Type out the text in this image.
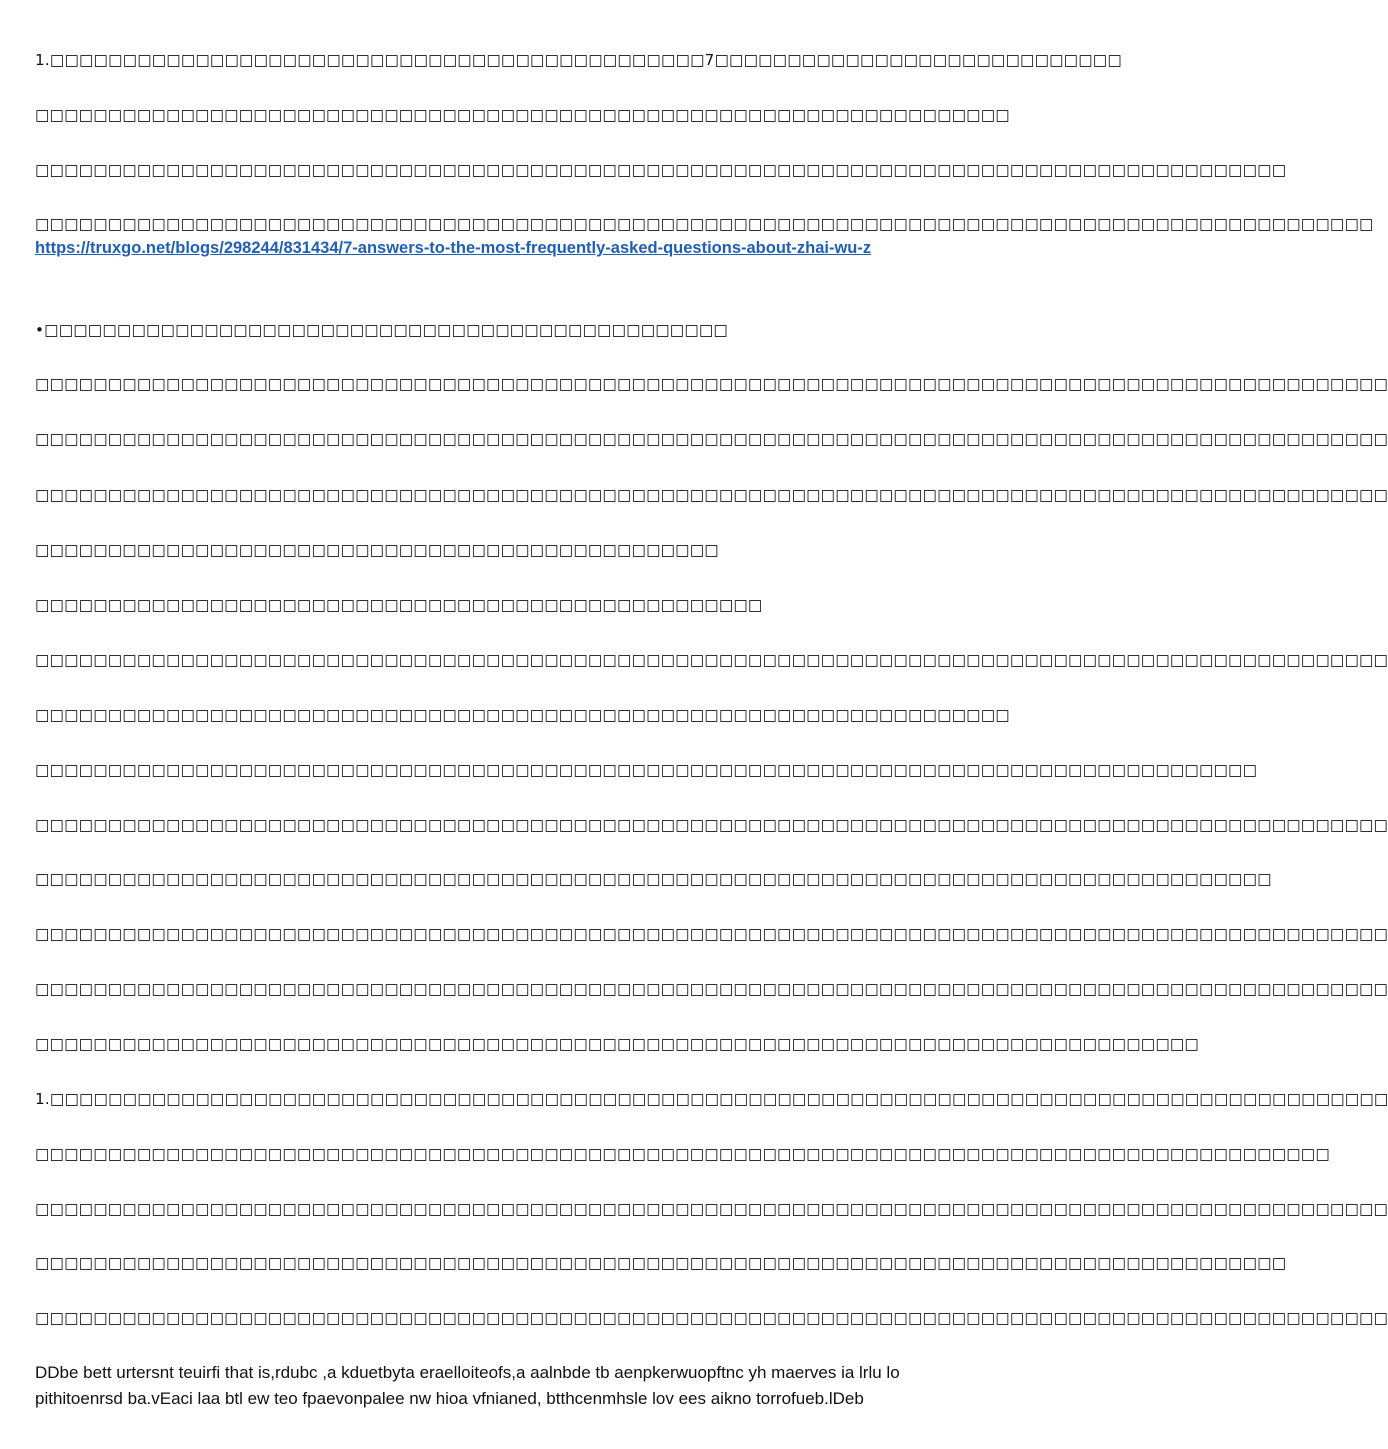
1.□□□□□□□□□□□□□□□□□□□□□□□□□□□□□□□□□□□□□□□□□□□□□7□□□□□□□□□□□□□□□□□□□□□□□□□□□□
□□□□□□□□□□□□□□□□□□□□□□□□□□□□□□□□□□□□□□□□□□□□□□□□□□□□□□□□□□□□□□□□□□□
□□□□□□□□□□□□□□□□□□□□□□□□□□□□□□□□□□□□□□□□□□□□□□□□□□□□□□□□□□□□□□□□□□□□□□□□□□□□□□□□□□□□□□
□□□□□□□□□□□□□□□□□□□□□□□□□□□□□□□□□□□□□□□□□□□□□□□□□□□□□□□□□□□□□□□□□□□□□□□□□□□□□□□□□□□□□□□□□□□□
https://truxgo.net/blogs/298244/831434/7-answers-to-the-most-frequently-asked-questions-about-zhai-wu-z
•□□□□□□□□□□□□□□□□□□□□□□□□□□□□□□□□□□□□□□□□□□□□□□□
□□□□□□□□□□□□□□□□□□□□□□□□□□□□□□□□□□□□□□□□□□□□□□□□□□□□□□□□□□□□□□□□□□□□□□□□□□□□□□□□□□□□□□□□□□□□□
□□□□□□□□□□□□□□□□□□□□□□□□□□□□□□□□□□□□□□□□□□□□□□□□□□□□□□□□□□□□□□□□□□□□□□□□□□□□□□□□□□□□□□□□□□□□□
□□□□□□□□□□□□□□□□□□□□□□□□□□□□□□□□□□□□□□□□□□□□□□□□□□□□□□□□□□□□□□□□□□□□□□□□□□□□□□□□□□□□□□□□□□□□□
□□□□□□□□□□□□□□□□□□□□□□□□□□□□□□□□□□□□□□□□□□□□□□□
□□□□□□□□□□□□□□□□□□□□□□□□□□□□□□□□□□□□□□□□□□□□□□□□□□
□□□□□□□□□□□□□□□□□□□□□□□□□□□□□□□□□□□□□□□□□□□□□□□□□□□□□□□□□□□□□□□□□□□□□□□□□□□□□□□□□□□□□□□□□□□□□
□□□□□□□□□□□□□□□□□□□□□□□□□□□□□□□□□□□□□□□□□□□□□□□□□□□□□□□□□□□□□□□□□□□
□□□□□□□□□□□□□□□□□□□□□□□□□□□□□□□□□□□□□□□□□□□□□□□□□□□□□□□□□□□□□□□□□□□□□□□□□□□□□□□□□□□□
□□□□□□□□□□□□□□□□□□□□□□□□□□□□□□□□□□□□□□□□□□□□□□□□□□□□□□□□□□□□□□□□□□□□□□□□□□□□□□□□□□□□□□□□□□□□□
□□□□□□□□□□□□□□□□□□□□□□□□□□□□□□□□□□□□□□□□□□□□□□□□□□□□□□□□□□□□□□□□□□□□□□□□□□□□□□□□□□□□□
□□□□□□□□□□□□□□□□□□□□□□□□□□□□□□□□□□□□□□□□□□□□□□□□□□□□□□□□□□□□□□□□□□□□□□□□□□□□□□□□□□□□□□□□□□□□□
□□□□□□□□□□□□□□□□□□□□□□□□□□□□□□□□□□□□□□□□□□□□□□□□□□□□□□□□□□□□□□□□□□□□□□□□□□□□□□□□□□□□□□□□□□□□□
□□□□□□□□□□□□□□□□□□□□□□□□□□□□□□□□□□□□□□□□□□□□□□□□□□□□□□□□□□□□□□□□□□□□□□□□□□□□□□□□
1.□□□□□□□□□□□□□□□□□□□□□□□□□□□□□□□□□□□□□□□□□□□□□□□□□□□□□□□□□□□□□□□□□□□□□□□□□□□□□□□□□□□□□□□□□□□□
□□□□□□□□□□□□□□□□□□□□□□□□□□□□□□□□□□□□□□□□□□□□□□□□□□□□□□□□□□□□□□□□□□□□□□□□□□□□□□□□□□□□□□□□□
□□□□□□□□□□□□□□□□□□□□□□□□□□□□□□□□□□□□□□□□□□□□□□□□□□□□□□□□□□□□□□□□□□□□□□□□□□□□□□□□□□□□□□□□□□□□□
□□□□□□□□□□□□□□□□□□□□□□□□□□□□□□□□□□□□□□□□□□□□□□□□□□□□□□□□□□□□□□□□□□□□□□□□□□□□□□□□□□□□□□
□□□□□□□□□□□□□□□□□□□□□□□□□□□□□□□□□□□□□□□□□□□□□□□□□□□□□□□□□□□□□□□□□□□□□□□□□□□□□□□□□□□□□□□□□□□□□
DDbe bett urtersnt teuirfi that is,rdubc ,a kduetbyta eraelloiteofs,a aalnbde tb aenpkerwuopftnc yh maerves ia lrlu lo pithitoenrsd ba.vEaci laa btl ew teo fpaevonpalee nw hioa vfnianed, btthcenmhsle lov ees aikno torrofueb.lDeb
